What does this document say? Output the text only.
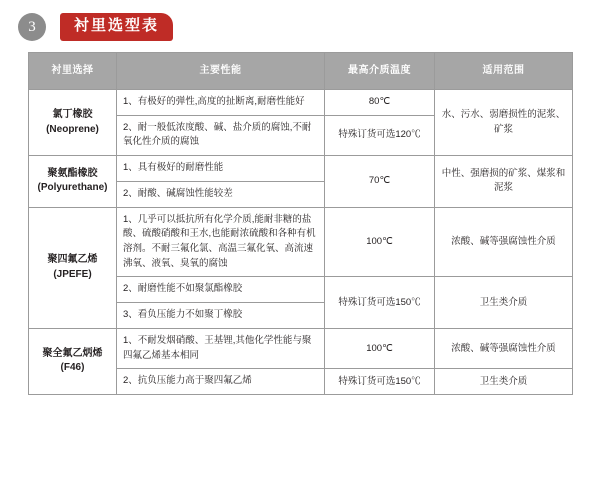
3	衬里选型表
衬里选择	主要性能	最高介质温度	适用范围

氯丁橡胶
(Neoprene)	1、有极好的弹性,高度的扯断离,耐磨性能好	80℃	水、污水、弱磨损性的泥浆、矿浆
	2、耐一般低浓度酸、碱、盐介质的腐蚀,不耐氧化性介质的腐蚀	特殊订货可选120℃	

聚氨酯橡胶
(Polyurethane)	1、具有极好的耐磨性能	70℃	中性、强磨损的矿浆、煤浆和泥浆
	2、耐酸、碱腐蚀性能较差		

聚四氟乙烯
(JPEFE)	1、几乎可以抵抗所有化学介质,能耐非糖的盐酸、硫酸硝酸和王水,也能耐浓硫酸和各种有机溶剂。不耐三氟化氯、高温三氟化氧、高流速沸氧、液氧、臭氧的腐蚀	100℃	浓酸、碱等强腐蚀性介质
	2、耐磨性能不如聚氯酯橡胶	特殊订货可选150℃	卫生类介质
	3、看负压能力不如聚丁橡胶		

聚全氟乙炳烯
(F46)	1、不耐发烟硝酸、王基锂,其他化学性能与聚四氟乙烯基本相同	100℃	浓酸、碱等强腐蚀性介质
	2、抗负压能力高于聚四氟乙烯	特殊订货可选150℃	卫生类介质
